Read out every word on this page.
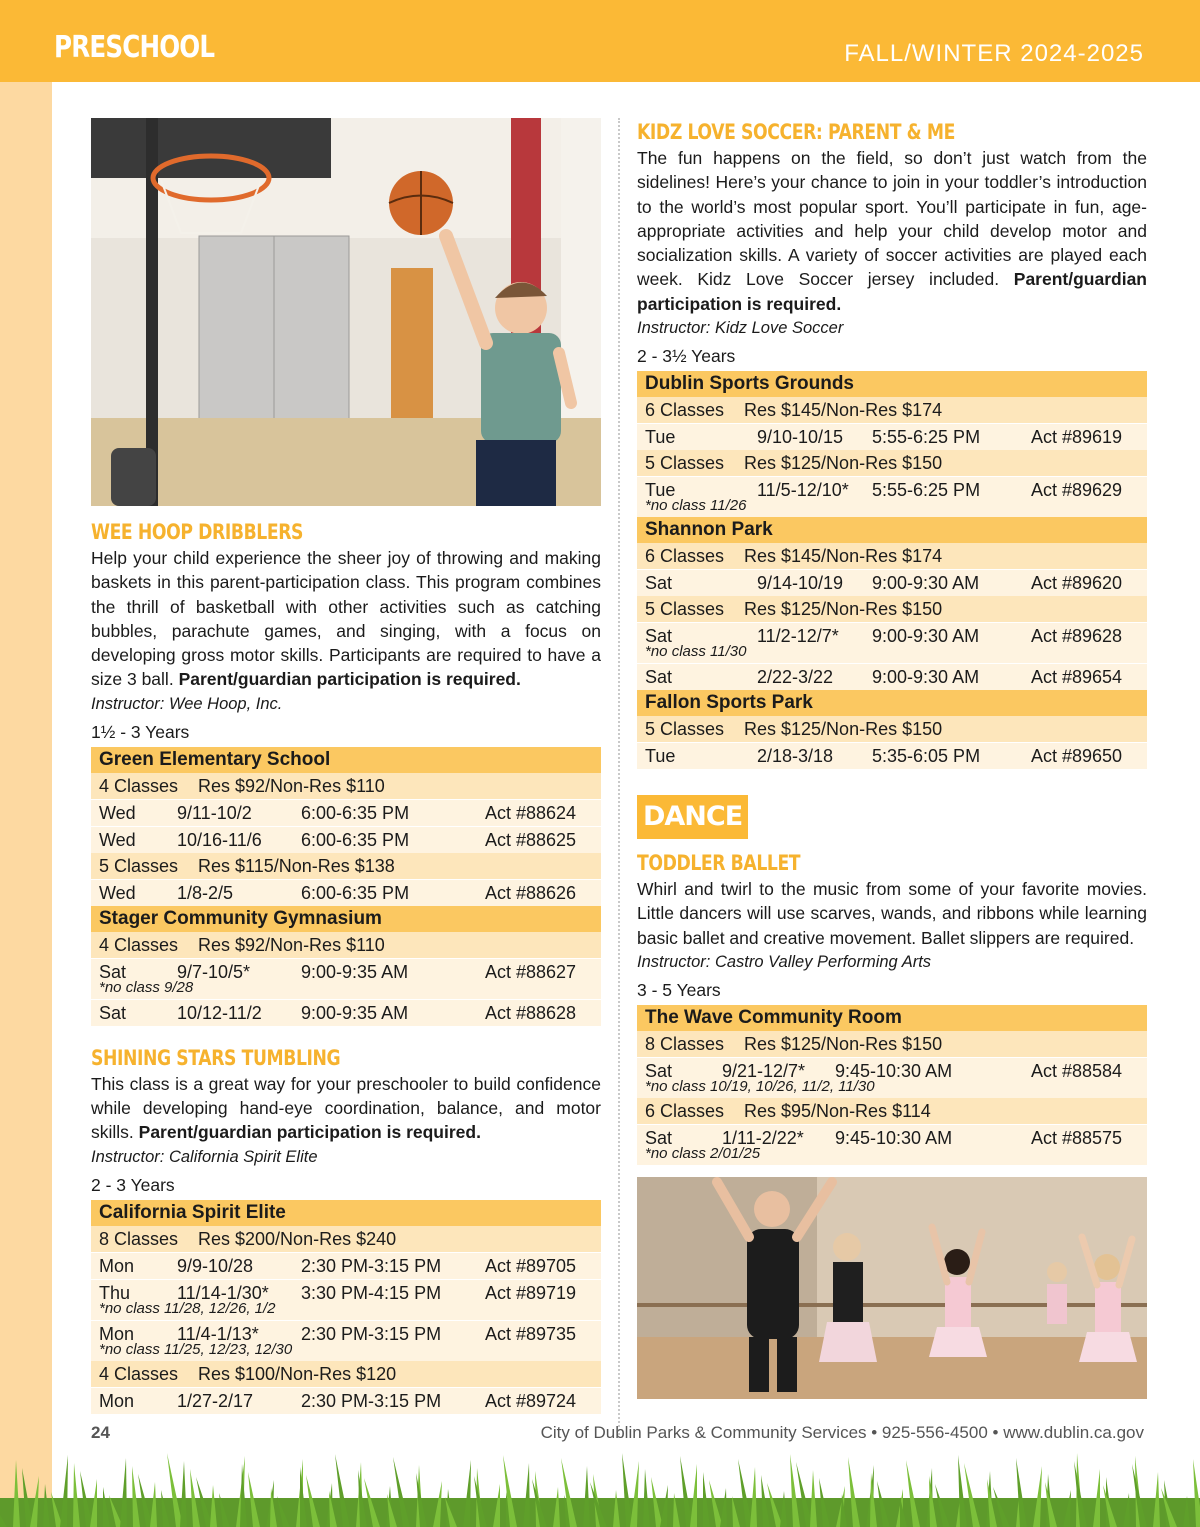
PRESCHOOL	FALL/WINTER 2024-2025
WEE HOOP DRIBBLERS

Help your child experience the sheer joy of throwing and making baskets in this parent-participation class. This program combines the thrill of basketball with other activities such as catching bubbles, parachute games, and singing, with a focus on developing gross motor skills. Participants are required to have a size 3 ball. Parent/guardian participation is required.

Instructor: Wee Hoop, Inc.
1½ - 3 Years
Green Elementary School
4 Classes Res $92/Non-Res $110
Wed 9/11-10/2	6:00-6:35 PM	Act #88624
Wed 10/16-11/6 6:00-6:35 PM	Act #88625
5 Classes Res $115/Non-Res $138
Wed 1/8-2/5	6:00-6:35 PM	Act #88626
Stager Community Gymnasium
4 Classes Res $92/Non-Res $110
Sat	9/7-10/5*	9:00-9:35 AM	Act #88627
*no class 9/28
Sat	10/12-11/2 9:00-9:35 AM	Act #88628
SHINING STARS TUMBLING

This class is a great way for your preschooler to build confidence while developing hand-eye coordination, balance, and motor skills. Parent/guardian participation is required.

Instructor: California Spirit Elite
2 - 3 Years
California Spirit Elite
8 Classes Res $200/Non-Res $240
Mon 9/9-10/28	2:30 PM-3:15 PM Act #89705
Thu	11/14-1/30* 3:30 PM-4:15 PM Act #89719
*no class 11/28, 12/26, 1/2
Mon 11/4-1/13* 2:30 PM-3:15 PM Act #89735
*no class 11/25, 12/23, 12/30
4 Classes Res $100/Non-Res $120
Mon 1/27-2/17	2:30 PM-3:15 PM Act #89724
KIDZ LOVE SOCCER: PARENT & ME

The fun happens on the field, so don’t just watch from the sidelines! Here’s your chance to join in your toddler’s introduction to the world’s most popular sport. You’ll participate in fun, age-appropriate activities and help your child develop motor and socialization skills. A variety of soccer activities are played each week. Kidz Love Soccer jersey included. Parent/guardian participation is required.

Instructor: Kidz Love Soccer
2 - 3½ Years
Dublin Sports Grounds
6 Classes Res $145/Non-Res $174
Tue	9/10-10/15 5:55-6:25 PM	Act #89619
5 Classes Res $125/Non-Res $150
Tue	11/5-12/10* 5:55-6:25 PM	Act #89629
*no class 11/26
Shannon Park
6 Classes Res $145/Non-Res $174
Sat	9/14-10/19 9:00-9:30 AM	Act #89620
5 Classes Res $125/Non-Res $150
Sat	11/2-12/7* 9:00-9:30 AM	Act #89628
*no class 11/30
Sat	2/22-3/22 9:00-9:30 AM	Act #89654
Fallon Sports Park
5 Classes Res $125/Non-Res $150
Tue	2/18-3/18 5:35-6:05 PM	Act #89650
DANCE
TODDLER BALLET

Whirl and twirl to the music from some of your favorite movies. Little dancers will use scarves, wands, and ribbons while learning basic ballet and creative movement. Ballet slippers are required.

Instructor: Castro Valley Performing Arts
3 - 5 Years
The Wave Community Room
8 Classes Res $125/Non-Res $150
Sat	9/21-12/7* 9:45-10:30 AM	Act #88584
*no class 10/19, 10/26, 11/2, 11/30
6 Classes Res $95/Non-Res $114
Sat	1/11-2/22* 9:45-10:30 AM	Act #88575
*no class 2/01/25
24	City of Dublin Parks & Community Services • 925-556-4500 • www.dublin.ca.gov
